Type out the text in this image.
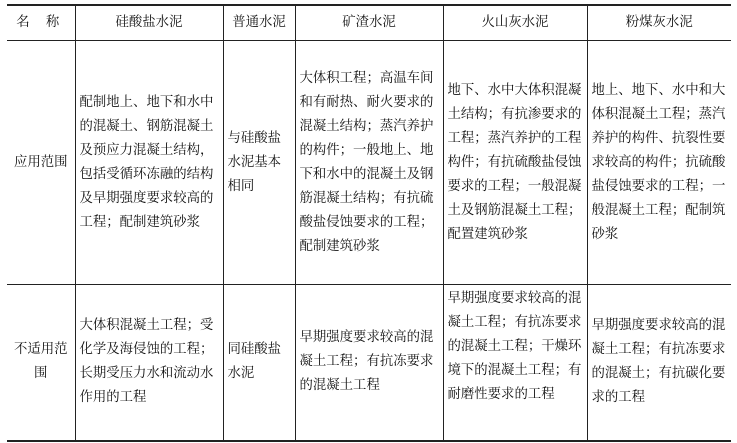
名 称	硅酸盐水泥	普通水泥	矿渣水泥	火山灰水泥	粉煤灰水泥
应用范围	配制地上、地下和水中的混凝土、钢筋混凝土及预应力混凝土结构，包括受循环冻融的结构及早期强度要求较高的工程；配制建筑砂浆	与硅酸盐水泥基本相同	大体积工程；高温车间和有耐热、耐火要求的混凝土结构；蒸汽养护的构件；一般地上、地下和水中的混凝土及钢筋混凝土结构；有抗硫酸盐侵蚀要求的工程；配制建筑砂浆	地下、水中大体积混凝土结构；有抗渗要求的工程；蒸汽养护的工程构件；有抗硫酸盐侵蚀要求的工程；一般混凝土及钢筋混凝土工程；配置建筑砂浆	地上、地下、水中和大体积混凝土工程；蒸汽养护的构件、抗裂性要求较高的构件；抗硫酸盐侵蚀要求的工程；一般混凝土工程；配制筑砂浆
不适用范围	大体积混凝土工程；受化学及海侵蚀的工程；长期受压力水和流动水作用的工程	同硅酸盐水泥	早期强度要求较高的混凝土工程；有抗冻要求的混凝土工程	早期强度要求较高的混凝土工程；有抗冻要求的混凝土工程；干燥环境下的混凝土工程；有耐磨性要求的工程	早期强度要求较高的混凝土工程；有抗冻要求的混凝土；有抗碳化要求的工程
